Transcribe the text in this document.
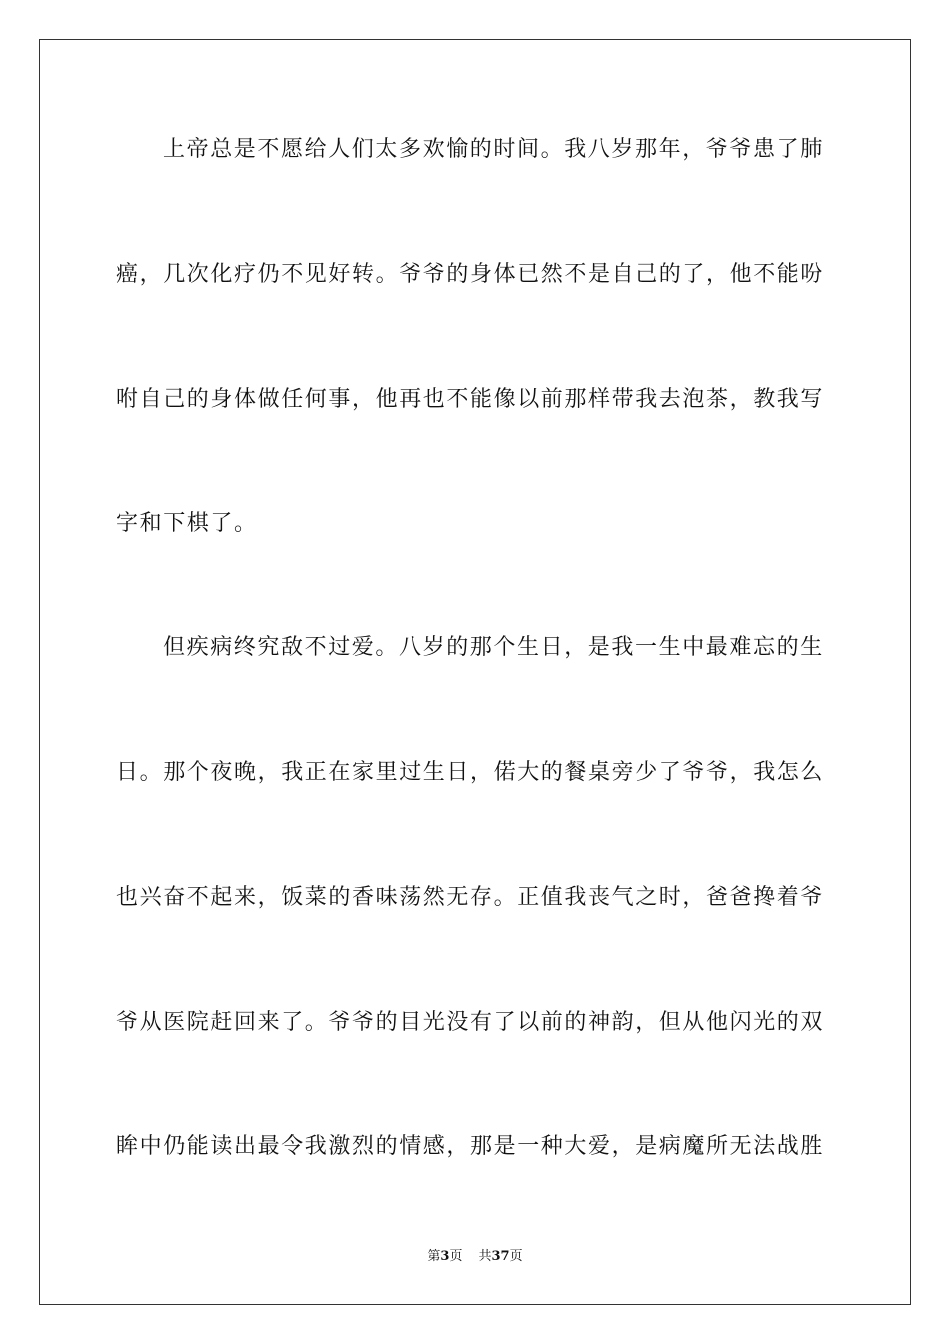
上帝总是不愿给人们太多欢愉的时间。我八岁那年，爷爷患了肺
癌，几次化疗仍不见好转。爷爷的身体已然不是自己的了，他不能吩
咐自己的身体做任何事，他再也不能像以前那样带我去泡茶，教我写
字和下棋了。
但疾病终究敌不过爱。八岁的那个生日，是我一生中最难忘的生
日。那个夜晚，我正在家里过生日，偌大的餐桌旁少了爷爷，我怎么
也兴奋不起来，饭菜的香味荡然无存。正值我丧气之时，爸爸搀着爷
爷从医院赶回来了。爷爷的目光没有了以前的神韵，但从他闪光的双
眸中仍能读出最令我激烈的情感，那是一种大爱，是病魔所无法战胜
第3页 共37页
